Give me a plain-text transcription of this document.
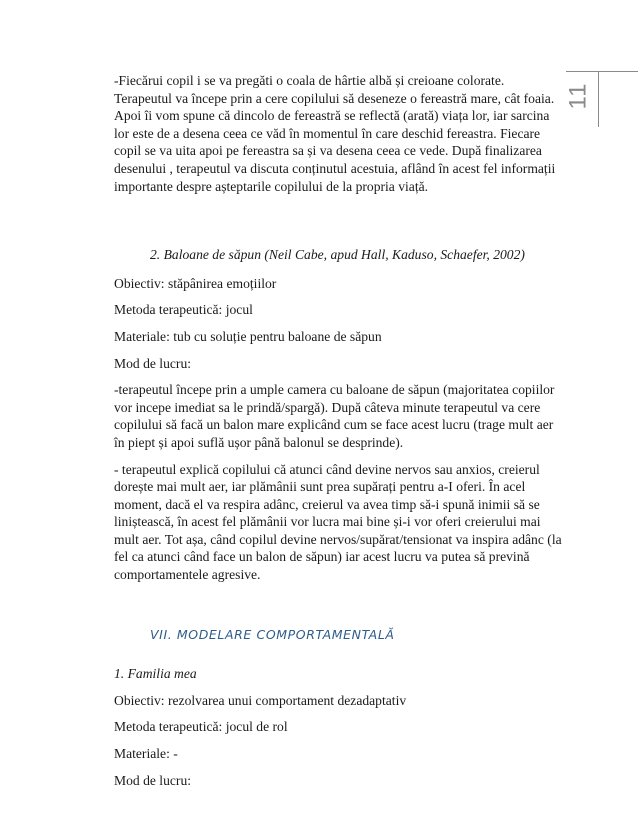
11

-Fiecărui copil i se va pregăti o coala de hârtie albă și creioane colorate. Terapeutul va începe prin a cere copilului să deseneze o fereastră mare, cât foaia. Apoi îi vom spune că dincolo de fereastră se reflectă (arată) viața lor, iar sarcina lor este de a desena ceea ce văd în momentul în care deschid fereastra. Fiecare copil se va uita apoi pe fereastra sa și va desena ceea ce vede. După finalizarea desenului , terapeutul va discuta conținutul acestuia, aflând în acest fel informații importante despre așteptarile copilului de la propria viață.

2. Baloane de săpun (Neil Cabe, apud Hall, Kaduso, Schaefer, 2002)

Obiectiv: stăpânirea emoțiilor

Metoda terapeutică: jocul

Materiale: tub cu soluție pentru baloane de săpun

Mod de lucru:

-terapeutul începe prin a umple camera cu baloane de săpun (majoritatea copiilor vor incepe imediat sa le prindă/spargă). După câteva minute terapeutul va cere copilului să facă un balon mare explicând cum se face acest lucru (trage mult aer în piept și apoi suflă ușor până balonul se desprinde).

- terapeutul explică copilului că atunci când devine nervos sau anxios, creierul dorește mai mult aer, iar plămânii sunt prea supărați pentru a-I oferi. În acel moment, dacă el va respira adânc, creierul va avea timp să-i spună inimii să se liniștească, în acest fel plămânii vor lucra mai bine și-i vor oferi creierului mai mult aer. Tot așa, când copilul devine nervos/supărat/tensionat va inspira adânc (la fel ca atunci când face un balon de săpun) iar acest lucru va putea să prevină comportamentele agresive.

VII. MODELARE COMPORTAMENTALĂ

1. Familia mea

Obiectiv: rezolvarea unui comportament dezadaptativ

Metoda terapeutică: jocul de rol

Materiale: -

Mod de lucru:
